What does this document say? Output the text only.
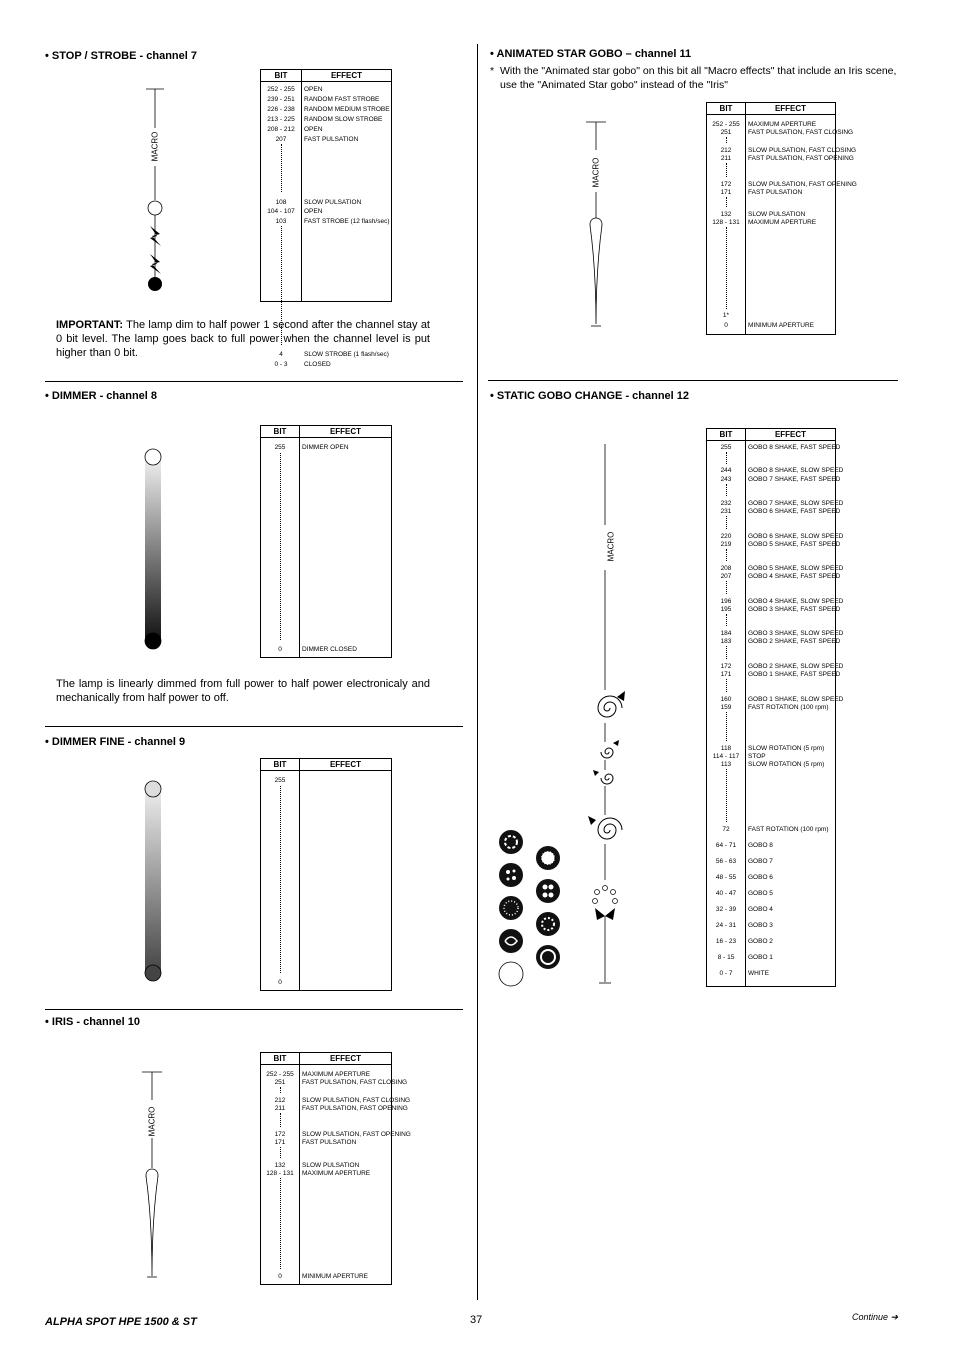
• STOP / STROBE - channel 7
MACRO
BIT	EFFECT
252 - 255	OPEN
239 - 251	RANDOM FAST STROBE
226 - 238	RANDOM MEDIUM STROBE
213 - 225	RANDOM SLOW STROBE
208 - 212	OPEN
207	FAST PULSATION
108	SLOW PULSATION
104 - 107	OPEN
103	FAST STROBE (12 flash/sec)
4	SLOW STROBE (1 flash/sec)
0 - 3	CLOSED
IMPORTANT: The lamp dim to half power 1 second after the channel stay at 0 bit level. The lamp goes back to full power when the channel level is put higher than 0 bit.
• DIMMER - channel 8
BIT	EFFECT
255	DIMMER OPEN
0	DIMMER CLOSED
The lamp is linearly dimmed from full power to half power electronicaly and mechanically from half power to off.
• DIMMER FINE - channel 9
BIT	EFFECT
255
0
• IRIS - channel 10
MACRO
BIT	EFFECT
252 - 255	MAXIMUM APERTURE
251	FAST PULSATION, FAST CLOSING
212	SLOW PULSATION, FAST CLOSING
211	FAST PULSATION, FAST OPENING
172	SLOW PULSATION, FAST OPENING
171	FAST PULSATION
132	SLOW PULSATION
128 - 131	MAXIMUM APERTURE
0	MINIMUM APERTURE
• ANIMATED STAR GOBO – channel 11
* With the "Animated star gobo" on this bit all "Macro effects" that include an Iris scene, use the "Animated Star gobo" instead of the "Iris"
MACRO
BIT	EFFECT
252 - 255	MAXIMUM APERTURE
251	FAST PULSATION, FAST CLOSING
212	SLOW PULSATION, FAST CLOSING
211	FAST PULSATION, FAST OPENING
172	SLOW PULSATION, FAST OPENING
171	FAST PULSATION
132	SLOW PULSATION
128 - 131	MAXIMUM APERTURE
1*
0	MINIMUM APERTURE
• STATIC GOBO CHANGE - channel 12
MACRO
BIT	EFFECT
255	GOBO 8 SHAKE, FAST SPEED
244	GOBO 8 SHAKE, SLOW SPEED
243	GOBO 7 SHAKE, FAST SPEED
232	GOBO 7 SHAKE, SLOW SPEED
231	GOBO 6 SHAKE, FAST SPEED
220	GOBO 6 SHAKE, SLOW SPEED
219	GOBO 5 SHAKE, FAST SPEED
208	GOBO 5 SHAKE, SLOW SPEED
207	GOBO 4 SHAKE, FAST SPEED
196	GOBO 4 SHAKE, SLOW SPEED
195	GOBO 3 SHAKE, FAST SPEED
184	GOBO 3 SHAKE, SLOW SPEED
183	GOBO 2 SHAKE, FAST SPEED
172	GOBO 2 SHAKE, SLOW SPEED
171	GOBO 1 SHAKE, FAST SPEED
160	GOBO 1 SHAKE, SLOW SPEED
159	FAST ROTATION (100 rpm)
118	SLOW ROTATION (5 rpm)
114 - 117	STOP
113	SLOW ROTATION (5 rpm)
72	FAST ROTATION (100 rpm)
64 - 71	GOBO 8
56 - 63	GOBO 7
48 - 55	GOBO 6
40 - 47	GOBO 5
32 - 39	GOBO 4
24 - 31	GOBO 3
16 - 23	GOBO 2
8 - 15	GOBO 1
0 - 7	WHITE
ALPHA SPOT HPE 1500 & ST	37	Continue ➔
